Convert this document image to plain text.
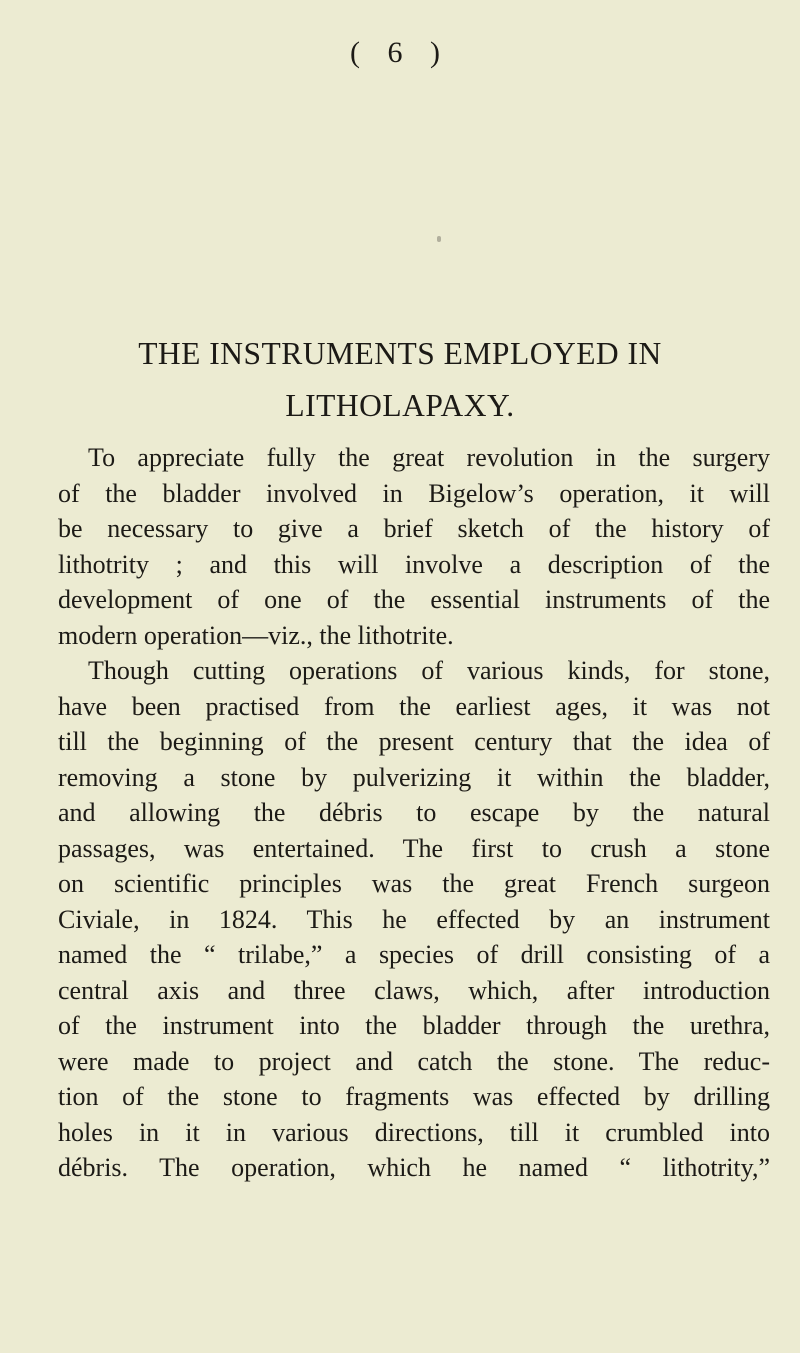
( 6 )
THE INSTRUMENTS EMPLOYED IN
LITHOLAPAXY.
To appreciate fully the great revolution in the surgery
of the bladder involved in Bigelow’s operation, it will
be necessary to give a brief sketch of the history of
lithotrity ; and this will involve a description of the
development of one of the essential instruments of the
modern operation—viz., the lithotrite.
Though cutting operations of various kinds, for stone,
have been practised from the earliest ages, it was not
till the beginning of the present century that the idea of
removing a stone by pulverizing it within the bladder,
and allowing the débris to escape by the natural
passages, was entertained. The first to crush a stone
on scientific principles was the great French surgeon
Civiale, in 1824. This he effected by an instrument
named the “ trilabe,” a species of drill consisting of a
central axis and three claws, which, after introduction
of the instrument into the bladder through the urethra,
were made to project and catch the stone. The reduc-
tion of the stone to fragments was effected by drilling
holes in it in various directions, till it crumbled into
débris. The operation, which he named “ lithotrity,”
